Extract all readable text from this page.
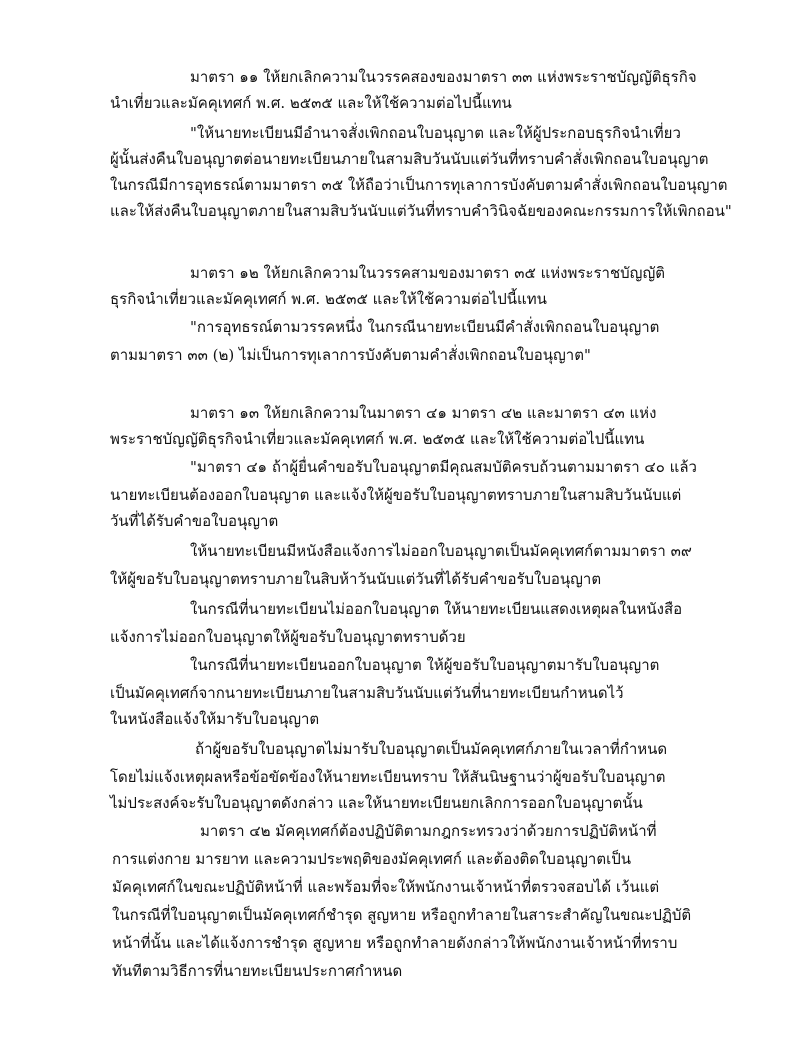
มาตรา ๑๑ ให้ยกเลิกความในวรรคสองของมาตรา ๓๓ แห่งพระราชบัญญัติธุรกิจ
นำเที่ยวและมัคคุเทศก์ พ.ศ. ๒๕๓๕ และให้ใช้ความต่อไปนี้แทน
"ให้นายทะเบียนมีอำนาจสั่งเพิกถอนใบอนุญาต และให้ผู้ประกอบธุรกิจนำเที่ยว
ผู้นั้นส่งคืนใบอนุญาตต่อนายทะเบียนภายในสามสิบวันนับแต่วันที่ทราบคำสั่งเพิกถอนใบอนุญาต
ในกรณีมีการอุทธรณ์ตามมาตรา ๓๕ ให้ถือว่าเป็นการทุเลาการบังคับตามคำสั่งเพิกถอนใบอนุญาต
และให้ส่งคืนใบอนุญาตภายในสามสิบวันนับแต่วันที่ทราบคำวินิจฉัยของคณะกรรมการให้เพิกถอน"
มาตรา ๑๒ ให้ยกเลิกความในวรรคสามของมาตรา ๓๕ แห่งพระราชบัญญัติ
ธุรกิจนำเที่ยวและมัคคุเทศก์ พ.ศ. ๒๕๓๕ และให้ใช้ความต่อไปนี้แทน
"การอุทธรณ์ตามวรรคหนึ่ง ในกรณีนายทะเบียนมีคำสั่งเพิกถอนใบอนุญาต
ตามมาตรา ๓๓ (๒) ไม่เป็นการทุเลาการบังคับตามคำสั่งเพิกถอนใบอนุญาต"
มาตรา ๑๓ ให้ยกเลิกความในมาตรา ๔๑ มาตรา ๔๒ และมาตรา ๔๓ แห่ง
พระราชบัญญัติธุรกิจนำเที่ยวและมัคคุเทศก์ พ.ศ. ๒๕๓๕ และให้ใช้ความต่อไปนี้แทน
"มาตรา ๔๑ ถ้าผู้ยื่นคำขอรับใบอนุญาตมีคุณสมบัติครบถ้วนตามมาตรา ๔๐ แล้ว
นายทะเบียนต้องออกใบอนุญาต และแจ้งให้ผู้ขอรับใบอนุญาตทราบภายในสามสิบวันนับแต่
วันที่ได้รับคำขอใบอนุญาต
ให้นายทะเบียนมีหนังสือแจ้งการไม่ออกใบอนุญาตเป็นมัคคุเทศก์ตามมาตรา ๓๙
ให้ผู้ขอรับใบอนุญาตทราบภายในสิบห้าวันนับแต่วันที่ได้รับคำขอรับใบอนุญาต
ในกรณีที่นายทะเบียนไม่ออกใบอนุญาต ให้นายทะเบียนแสดงเหตุผลในหนังสือ
แจ้งการไม่ออกใบอนุญาตให้ผู้ขอรับใบอนุญาตทราบด้วย
ในกรณีที่นายทะเบียนออกใบอนุญาต ให้ผู้ขอรับใบอนุญาตมารับใบอนุญาต
เป็นมัคคุเทศก์จากนายทะเบียนภายในสามสิบวันนับแต่วันที่นายทะเบียนกำหนดไว้
ในหนังสือแจ้งให้มารับใบอนุญาต
ถ้าผู้ขอรับใบอนุญาตไม่มารับใบอนุญาตเป็นมัคคุเทศก์ภายในเวลาที่กำหนด
โดยไม่แจ้งเหตุผลหรือข้อขัดข้องให้นายทะเบียนทราบ ให้สันนิษฐานว่าผู้ขอรับใบอนุญาต
ไม่ประสงค์จะรับใบอนุญาตดังกล่าว และให้นายทะเบียนยกเลิกการออกใบอนุญาตนั้น
มาตรา ๔๒ มัคคุเทศก์ต้องปฏิบัติตามกฎกระทรวงว่าด้วยการปฏิบัติหน้าที่
การแต่งกาย มารยาท และความประพฤติของมัคคุเทศก์ และต้องติดใบอนุญาตเป็น
มัคคุเทศก์ในขณะปฏิบัติหน้าที่ และพร้อมที่จะให้พนักงานเจ้าหน้าที่ตรวจสอบได้ เว้นแต่
ในกรณีที่ใบอนุญาตเป็นมัคคุเทศก์ชำรุด สูญหาย หรือถูกทำลายในสาระสำคัญในขณะปฏิบัติ
หน้าที่นั้น และได้แจ้งการชำรุด สูญหาย หรือถูกทำลายดังกล่าวให้พนักงานเจ้าหน้าที่ทราบ
ทันทีตามวิธีการที่นายทะเบียนประกาศกำหนด
